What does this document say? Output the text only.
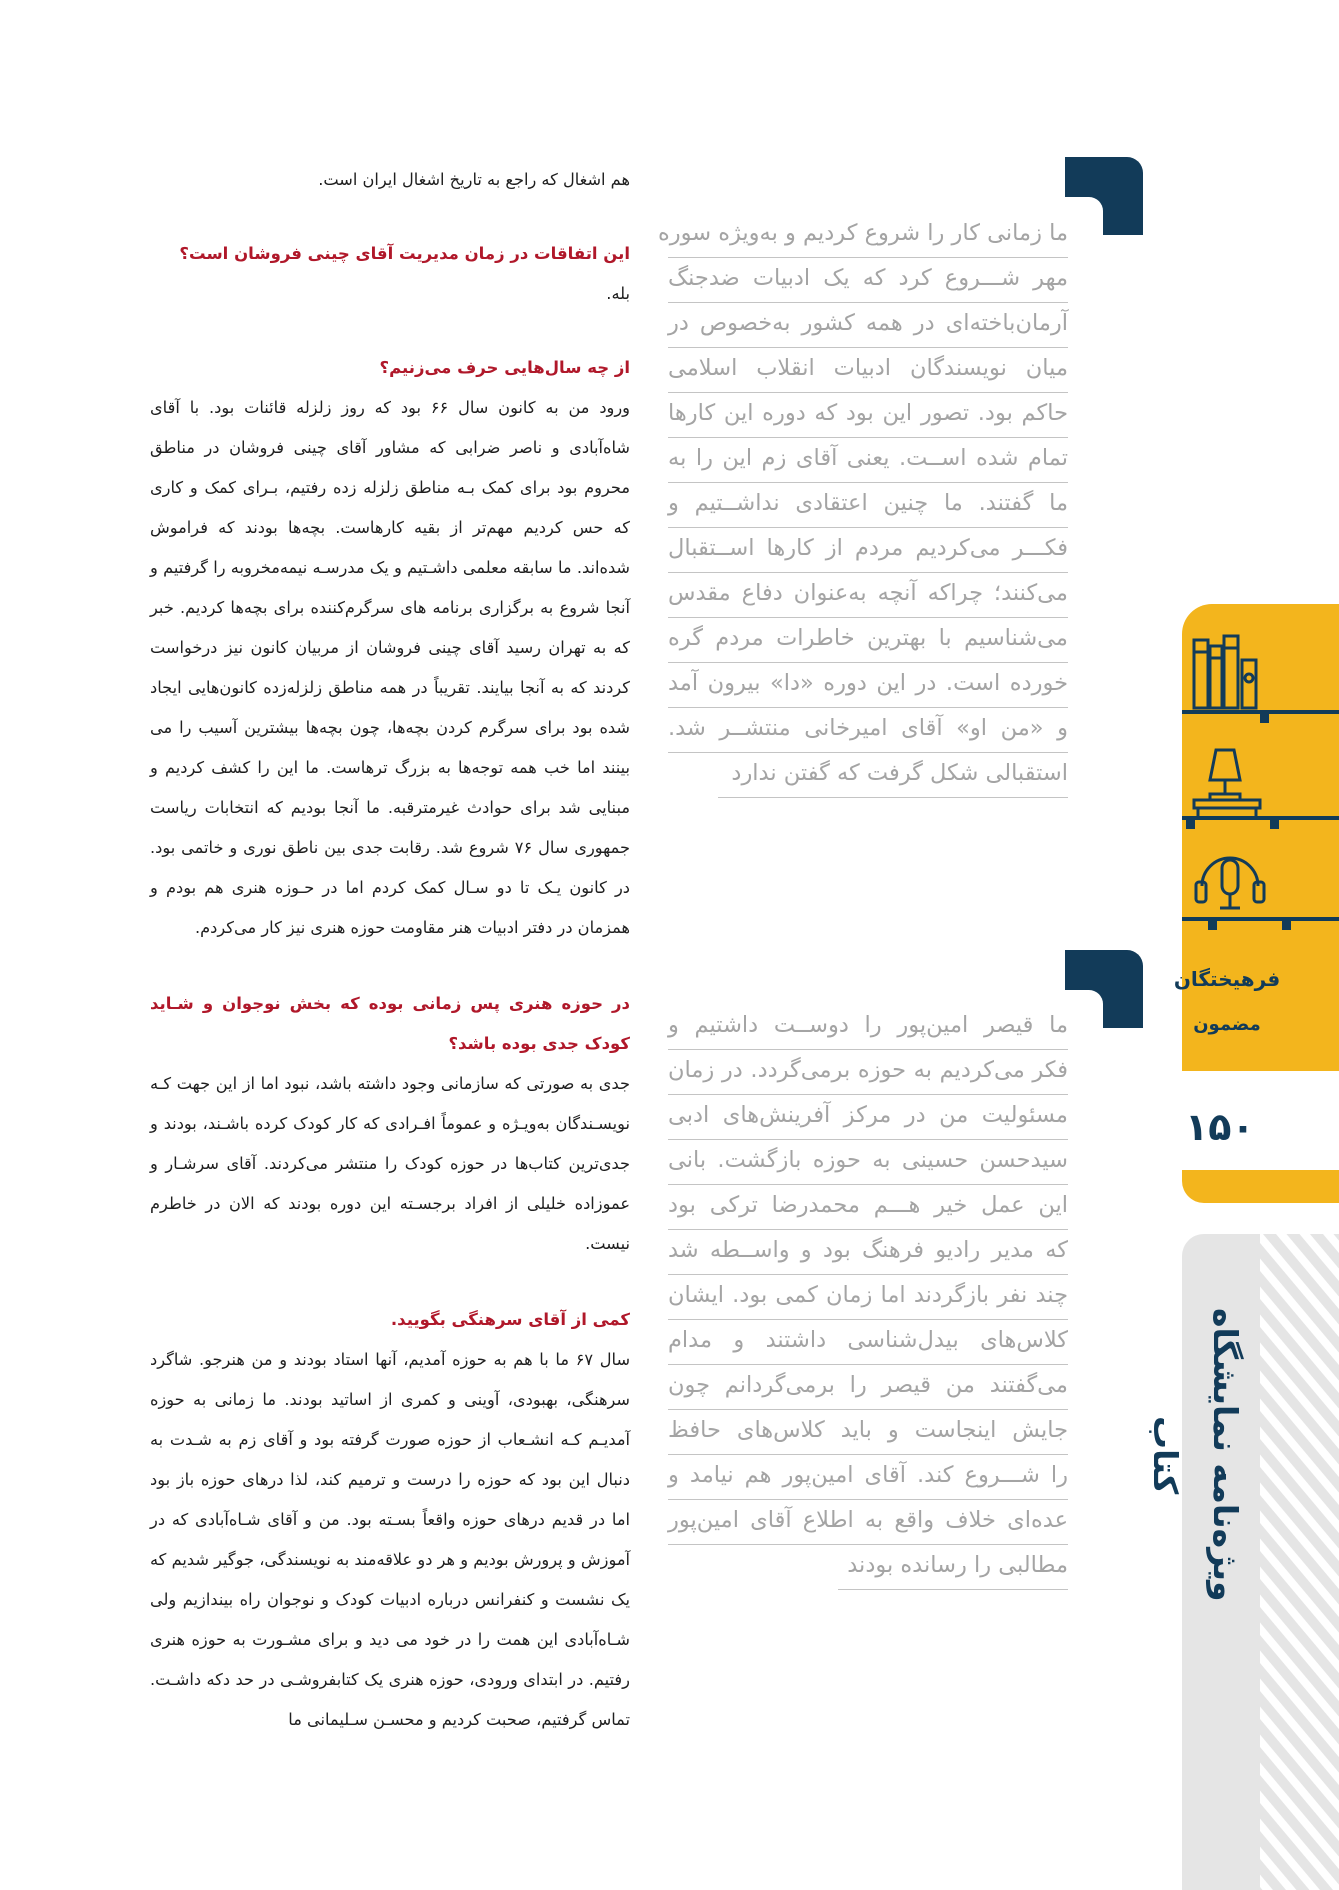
هم اشغال که راجع به تاریخ اشغال ایران است.

این اتفاقات در زمان مدیریت آقای چینی فروشان است؟

بله.

از چه سال‌هایی حرف می‌زنیم؟

ورود من به کانون سال ۶۶ بود که روز زلزله قائنات بود. با آقای شاه‌آبادی و ناصر ضرابی که مشاور آقای چینی فروشان در مناطق محروم بود برای کمک بـه مناطق زلزله زده رفتیم، بـرای کمک و کاری که حس کردیم مهم‌تر از بقیه کارهاست. بچه‌ها بودند که فراموش شده‌اند. ما سابقه معلمی داشـتیم و یک مدرسـه نیمه‌مخروبه را گرفتیم و آنجا شروع به برگزاری برنامه های سرگرم‌کننده برای بچه‌ها کردیم. خبر که به تهران رسید آقای چینی فروشان از مربیان کانون نیز درخواست کردند که به آنجا بیایند. تقریباً در همه مناطق زلزله‌زده کانون‌هایی ایجاد شده بود برای سرگرم کردن بچه‌ها، چون بچه‌ها بیشترین آسیب را می بینند اما خب همه توجه‌ها به بزرگ ترهاست. ما این را کشف کردیم و مبنایی شد برای حوادث غیرمترقبه. ما آنجا بودیم که انتخابات ریاست جمهوری سال ۷۶ شروع شد. رقابت جدی بین ناطق نوری و خاتمی بود. در کانون یـک تا دو سـال کمک کردم اما در حـوزه هنری هم بودم و همزمان در دفتر ادبیات هنر مقاومت حوزه هنری نیز کار می‌کردم.

در حوزه هنری پس زمانی بوده که بخش نوجوان و شـاید کودک جدی بوده باشد؟

جدی به صورتی که سازمانی وجود داشته باشد، نبود اما از این جهت کـه نویسـندگان به‌ویـژه و عموماً افـرادی که کار کودک کرده باشـند، بودند و جدی‌ترین کتاب‌ها در حوزه کودک را منتشر می‌کردند. آقای سرشـار و عموزاده خلیلی از افراد برجسـته این دوره بودند که الان در خاطرم نیست.

کمی از آقای سرهنگی بگویید.

سال ۶۷ ما با هم به حوزه آمدیم، آنها استاد بودند و من هنرجو. شاگرد سرهنگی، بهبودی، آوینی و کمری از اساتید بودند. ما زمانی به حوزه آمدیـم کـه انشـعاب از حوزه صورت گرفته بود و آقای زم به شـدت به دنبال این بود که حوزه را درست و ترمیم کند، لذا درهای حوزه باز بود اما در قدیم درهای حوزه واقعاً بسـته بود. من و آقای شـاه‌آبادی که در آموزش و پرورش بودیم و هر دو علاقه‌مند به نویسندگی، جوگیر شدیم که یک نشست و کنفرانس درباره ادبیات کودک و نوجوان راه بیندازیم ولی شـاه‌آبادی این همت را در خود می دید و برای مشـورت به حوزه هنری رفتیم. در ابتدای ورودی، حوزه هنری یک کتابفروشـی در حد دکه داشـت. تماس گرفتیم، صحبت کردیم و محسـن سـلیمانی ما

ما زمانی کار را شروع کردیم و به‌ویژه سوره
مهر شـــروع کرد که یک ادبیات ضدجنگ
آرمان‌باخته‌ای در همه کشور به‌خصوص در
میان نویسندگان ادبیات انقلاب اسلامی
حاکم بود. تصور این بود که دوره این کارها
تمام شده اســت. یعنی آقای زم این را به
ما گفتند. ما چنین اعتقادی نداشــتیم و
فکـــر می‌کردیم مردم از کارها اســتقبال
می‌کنند؛ چراکه آنچه به‌عنوان دفاع مقدس
می‌شناسیم با بهترین خاطرات مردم گره
خورده است. در این دوره «دا» بیرون آمد
و «من او» آقای امیرخانی منتشــر شد.
استقبالی شکل گرفت که گفتن ندارد
ما قیصر امین‌پور را دوســت داشتیم و
فکر می‌کردیم به حوزه برمی‌گردد. در زمان
مسئولیت من در مرکز آفرینش‌های ادبی
سیدحسن حسینی به حوزه بازگشت. بانی
این عمل خیر هـــم محمدرضا ترکی بود
که مدیر رادیو فرهنگ بود و واســطه شد
چند نفر بازگردند اما زمان کمی بود. ایشان
کلاس‌های بیدل‌شناسی داشتند و مدام
می‌گفتند من قیصر را برمی‌گردانم چون
جایش اینجاست و باید کلاس‌های حافظ
را شـــروع کند. آقای امین‌پور هم نیامد و
عده‌ای خلاف واقع به اطلاع آقای امین‌پور
مطالبی را رسانده بودند
فرهیختگان
مضمون
۱۵۰
ویژه‌نامه نمایشگاه کتاب
